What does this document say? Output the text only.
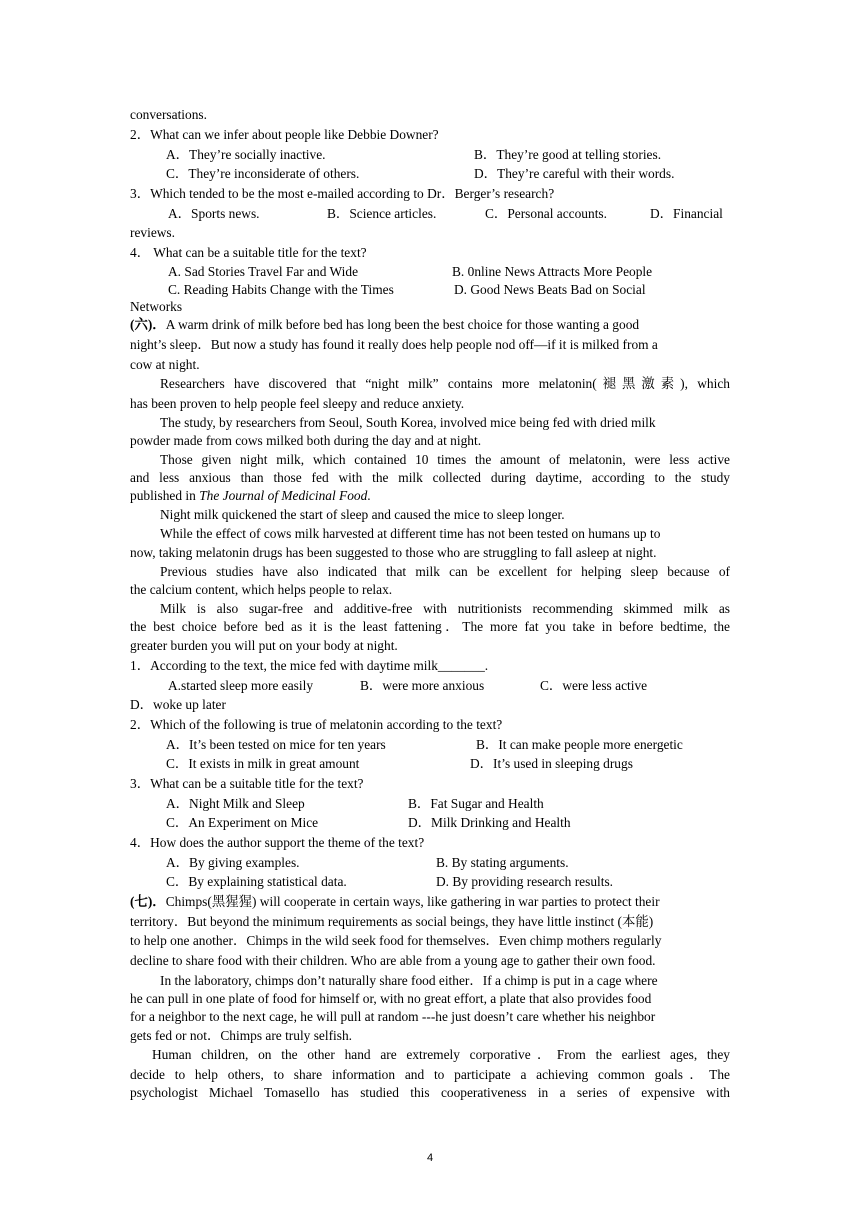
conversations.
2．What can we infer about people like Debbie Downer?
A．They’re socially inactive.	B．They’re good at telling stories.
C．They’re inconsiderate of others.	D．They’re careful with their words.
3．Which tended to be the most e-mailed according to Dr．Berger’s research?
A．Sports news.	B．Science articles.	C．Personal accounts.	D．Financial
reviews.
4． What can be a suitable title for the text?
A. Sad Stories Travel Far and Wide	B. 0nline News Attracts More People
C. Reading Habits Change with the Times	D. Good News Beats Bad on Social
Networks
(六)．A warm drink of milk before bed has long been the best choice for those wanting a good
night’s sleep．But now a study has found it really does help people nod off—if it is milked from a
cow at night.
Researchers have discovered that “night milk” contains more melatonin(褪黑激素), which
has been proven to help people feel sleepy and reduce anxiety.
The study, by researchers from Seoul, South Korea, involved mice being fed with dried milk
powder made from cows milked both during the day and at night.
Those given night milk, which contained 10 times the amount of melatonin, were less active
and less anxious than those fed with the milk collected during daytime, according to the study
published in The Journal of Medicinal Food.
Night milk quickened the start of sleep and caused the mice to sleep longer.
While the effect of cows milk harvested at different time has not been tested on humans up to
now, taking melatonin drugs has been suggested to those who are struggling to fall asleep at night.
Previous studies have also indicated that milk can be excellent for helping sleep because of
the calcium content, which helps people to relax.
Milk is also sugar-free and additive-free with nutritionists recommending skimmed milk as
the best choice before bed as it is the least fattening．The more fat you take in before bedtime, the
greater burden you will put on your body at night.
1．According to the text, the mice fed with daytime milk_______.
A.started sleep more easily	B．were more anxious	C．were less active
D．woke up later
2．Which of the following is true of melatonin according to the text?
A．It’s been tested on mice for ten years	B．It can make people more energetic
C．It exists in milk in great amount	D．It’s used in sleeping drugs
3．What can be a suitable title for the text?
A．Night Milk and Sleep	B．Fat Sugar and Health
C．An Experiment on Mice	D．Milk Drinking and Health
4．How does the author support the theme of the text?
A．By giving examples.	B. By stating arguments.
C．By explaining statistical data.	D. By providing research results.
(七)．Chimps(黑猩猩) will cooperate in certain ways, like gathering in war parties to protect their
territory．But beyond the minimum requirements as social beings, they have little instinct (本能)
to help one another．Chimps in the wild seek food for themselves．Even chimp mothers regularly
decline to share food with their children. Who are able from a young age to gather their own food.
In the laboratory, chimps don’t naturally share food either．If a chimp is put in a cage where
he can pull in one plate of food for himself or, with no great effort, a plate that also provides food
for a neighbor to the next cage, he will pull at random ---he just doesn’t care whether his neighbor
gets fed or not．Chimps are truly selfish.
Human children, on the other hand are extremely corporative．From the earliest ages, they
decide to help others, to share information and to participate a achieving common goals．The
psychologist Michael Tomasello has studied this cooperativeness in a series of expensive with
4
